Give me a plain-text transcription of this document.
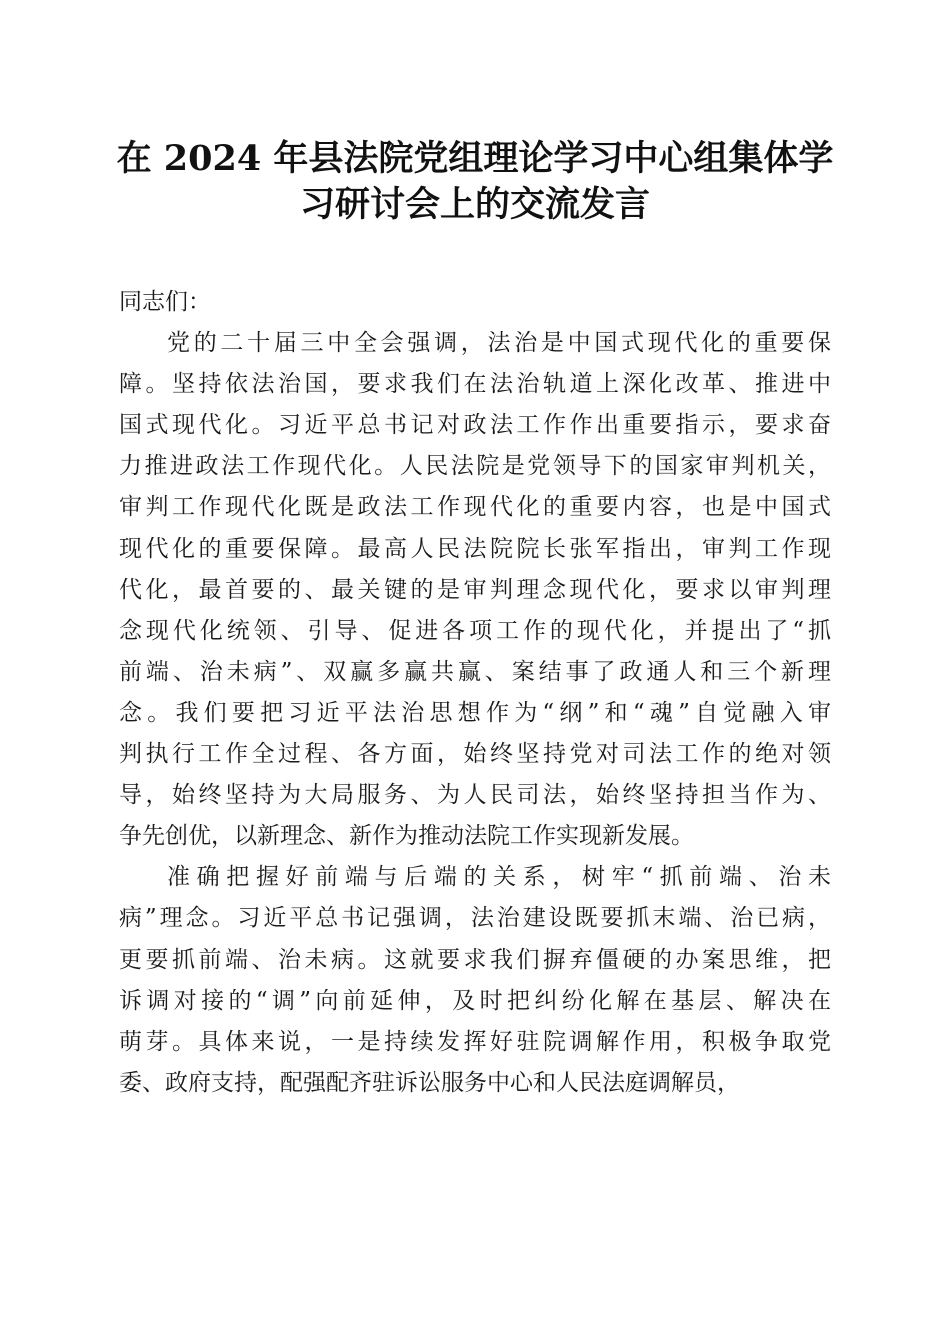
在 2024 年县法院党组理论学习中心组集体学
习研讨会上的交流发言
同志们：
党的二十届三中全会强调，法治是中国式现代化的重要保
障。坚持依法治国，要求我们在法治轨道上深化改革、推进中
国式现代化。习近平总书记对政法工作作出重要指示，要求奋
力推进政法工作现代化。人民法院是党领导下的国家审判机关，
审判工作现代化既是政法工作现代化的重要内容，也是中国式
现代化的重要保障。最高人民法院院长张军指出，审判工作现
代化，最首要的、最关键的是审判理念现代化，要求以审判理
念现代化统领、引导、促进各项工作的现代化，并提出了“抓
前端、治未病”、双赢多赢共赢、案结事了政通人和三个新理
念。我们要把习近平法治思想作为“纲”和“魂”自觉融入审
判执行工作全过程、各方面，始终坚持党对司法工作的绝对领
导，始终坚持为大局服务、为人民司法，始终坚持担当作为、
争先创优，以新理念、新作为推动法院工作实现新发展。
准确把握好前端与后端的关系，树牢“抓前端、治未
病”理念。习近平总书记强调，法治建设既要抓末端、治已病，
更要抓前端、治未病。这就要求我们摒弃僵硬的办案思维，把
诉调对接的“调”向前延伸，及时把纠纷化解在基层、解决在
萌芽。具体来说，一是持续发挥好驻院调解作用，积极争取党
委、政府支持，配强配齐驻诉讼服务中心和人民法庭调解员，
